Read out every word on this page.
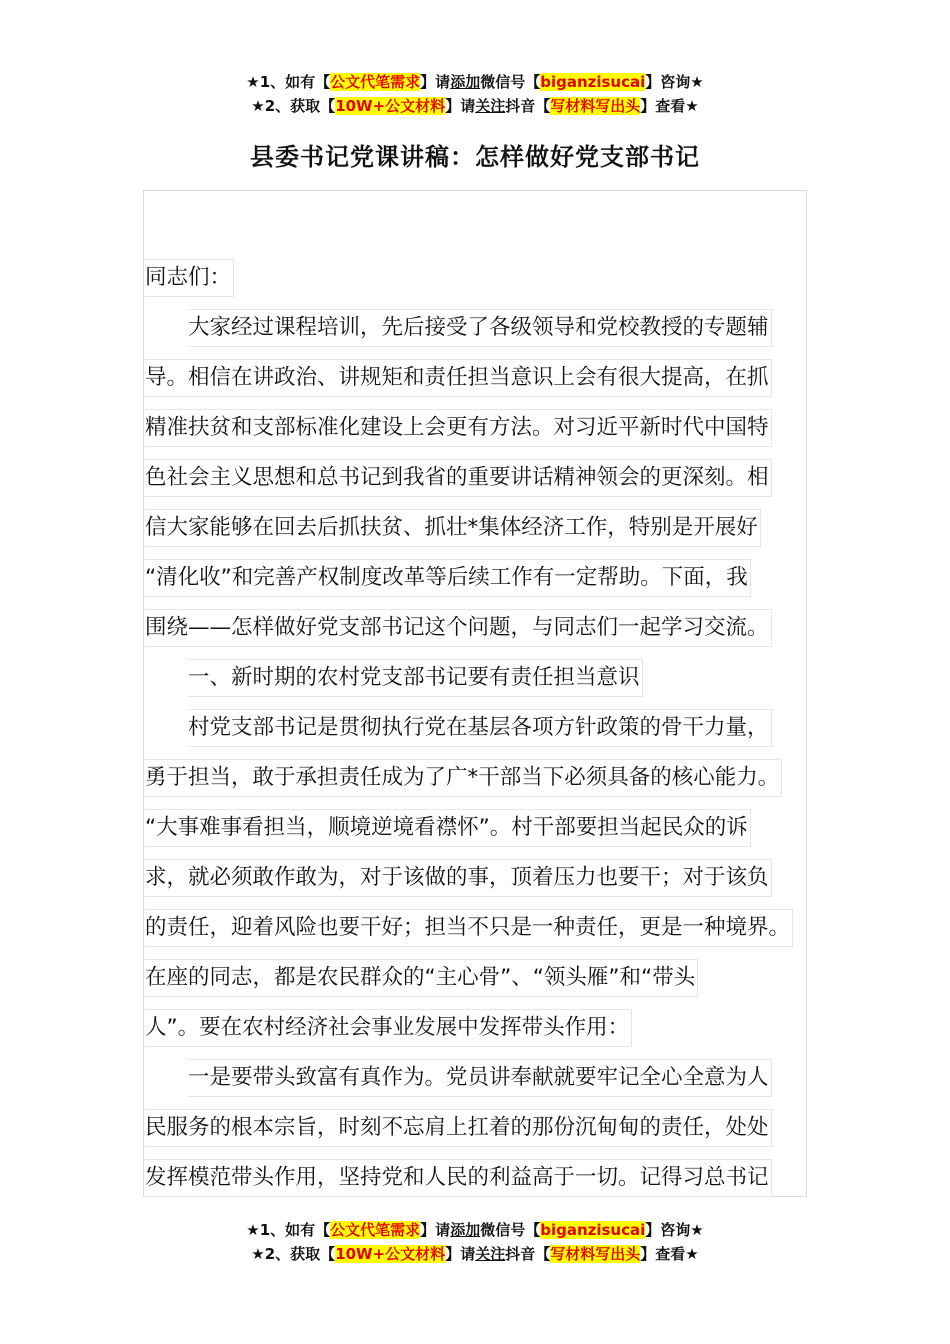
★1、如有【公文代笔需求】请添加微信号【biganzisucai】咨询★
★2、获取【10W+公文材料】请关注抖音【写材料写出头】查看★
县委书记党课讲稿：怎样做好党支部书记
同志们：
大家经过课程培训，先后接受了各级领导和党校教授的专题辅
导。相信在讲政治、讲规矩和责任担当意识上会有很大提高，在抓
精准扶贫和支部标准化建设上会更有方法。对习近平新时代中国特
色社会主义思想和总书记到我省的重要讲话精神领会的更深刻。相
信大家能够在回去后抓扶贫、抓壮*集体经济工作，特别是开展好
“清化收”和完善产权制度改革等后续工作有一定帮助。下面，我
围绕——怎样做好党支部书记这个问题，与同志们一起学习交流。
一、新时期的农村党支部书记要有责任担当意识
村党支部书记是贯彻执行党在基层各项方针政策的骨干力量，
勇于担当，敢于承担责任成为了广*干部当下必须具备的核心能力。
“大事难事看担当，顺境逆境看襟怀”。村干部要担当起民众的诉
求，就必须敢作敢为，对于该做的事，顶着压力也要干；对于该负
的责任，迎着风险也要干好；担当不只是一种责任，更是一种境界。
在座的同志，都是农民群众的“主心骨”、“领头雁”和“带头
人”。要在农村经济社会事业发展中发挥带头作用：
一是要带头致富有真作为。党员讲奉献就要牢记全心全意为人
民服务的根本宗旨，时刻不忘肩上扛着的那份沉甸甸的责任，处处
发挥模范带头作用，坚持党和人民的利益高于一切。记得习总书记
★1、如有【公文代笔需求】请添加微信号【biganzisucai】咨询★
★2、获取【10W+公文材料】请关注抖音【写材料写出头】查看★
